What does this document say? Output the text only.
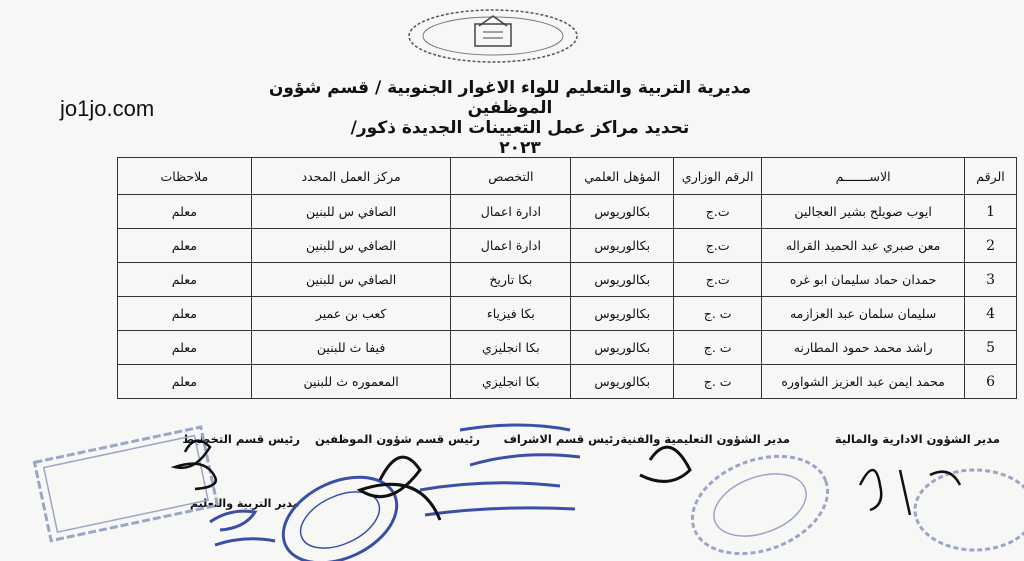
jo1jo.com
مديرية التربية والتعليم للواء الاغوار الجنوبية / قسم شؤون الموظفين
تحديد مراكز عمل التعيينات الجديدة ذكور/ ٢٠٢٣
الرقم	الاســـــــم	الرقم الوزاري	المؤهل العلمي	التخصص	مركز العمل المحدد	ملاحظات
1	ايوب صويلح بشير العجالين	ت.ج	بكالوريوس	ادارة اعمال	الصافي س للبنين	معلم
2	معن صبري عبد الحميد القراله	ت.ج	بكالوريوس	ادارة اعمال	الصافي س للبنين	معلم
3	حمدان حماد سليمان ابو غره	ت.ج	بكالوريوس	بكا تاريخ	الصافي س للبنين	معلم
4	سليمان سلمان عبد العزازمه	ت .ج	بكالوريوس	بكا فيزياء	كعب بن عمير	معلم
5	راشد محمد حمود المطارنه	ت .ج	بكالوريوس	بكا انجليزي	فيفا ث للبنين	معلم
6	محمد ايمن عبد العزيز الشواوره	ت .ج	بكالوريوس	بكا انجليزي	المعموره ث للبنين	معلم
مدير الشؤون الادارية والمالية
مدير الشؤون التعليمية والفنية
رئيس قسم الاشراف
رئيس قسم شؤون الموظفين
رئيس قسم التخطيط
مدير التربية والتعليم
